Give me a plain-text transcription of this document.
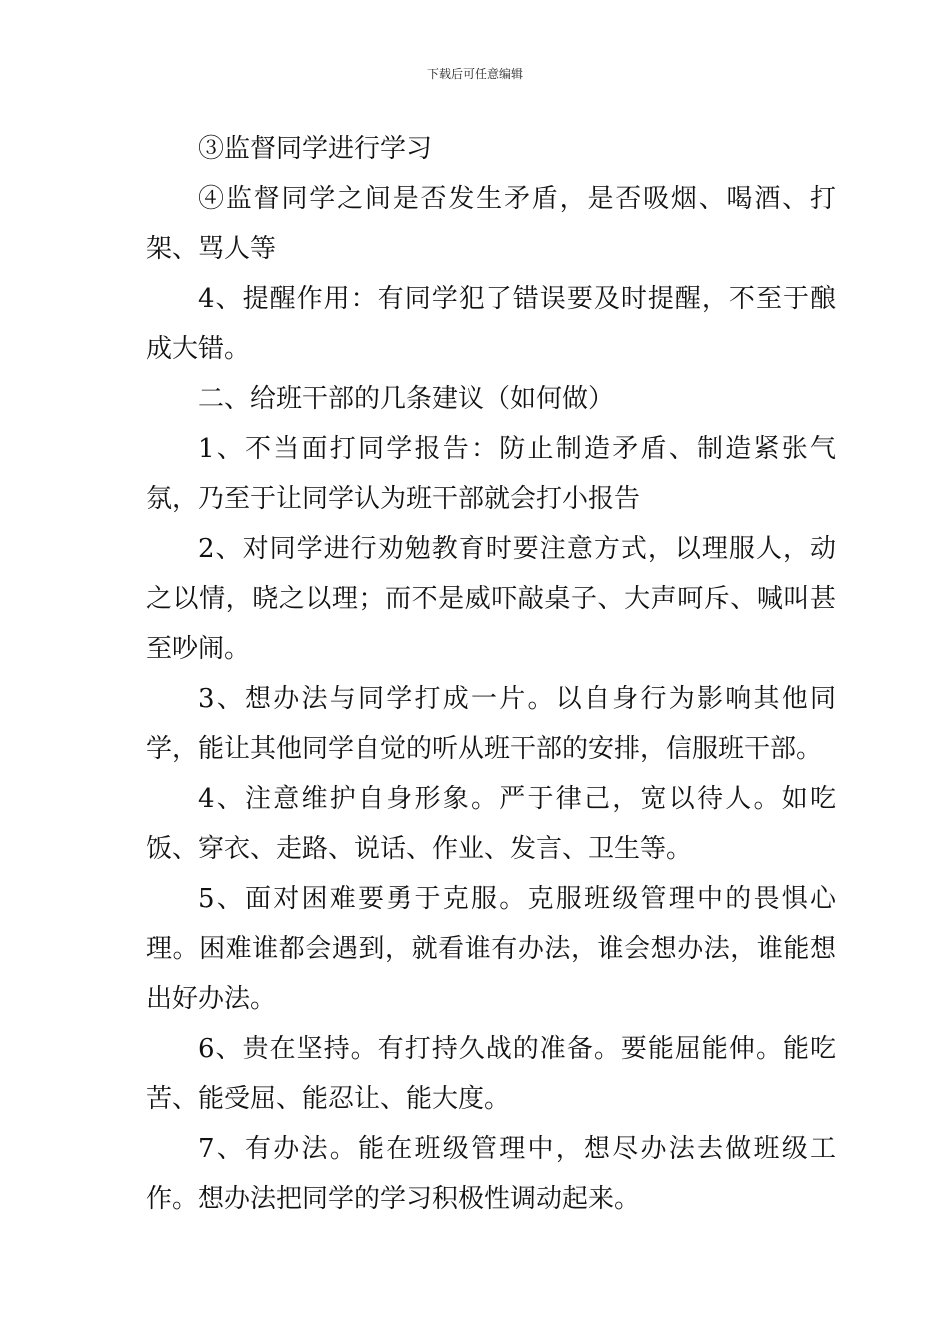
下载后可任意编辑

③监督同学进行学习

④监督同学之间是否发生矛盾，是否吸烟、喝酒、打架、骂人等

4、提醒作用：有同学犯了错误要及时提醒，不至于酿成大错。

二、给班干部的几条建议（如何做）

1、不当面打同学报告：防止制造矛盾、制造紧张气氛，乃至于让同学认为班干部就会打小报告

2、对同学进行劝勉教育时要注意方式，以理服人，动之以情，晓之以理；而不是威吓敲桌子、大声呵斥、喊叫甚至吵闹。

3、想办法与同学打成一片。以自身行为影响其他同学，能让其他同学自觉的听从班干部的安排，信服班干部。

4、注意维护自身形象。严于律己，宽以待人。如吃饭、穿衣、走路、说话、作业、发言、卫生等。

5、面对困难要勇于克服。克服班级管理中的畏惧心理。困难谁都会遇到，就看谁有办法，谁会想办法，谁能想出好办法。

6、贵在坚持。有打持久战的准备。要能屈能伸。能吃苦、能受屈、能忍让、能大度。

7、有办法。能在班级管理中，想尽办法去做班级工作。想办法把同学的学习积极性调动起来。
